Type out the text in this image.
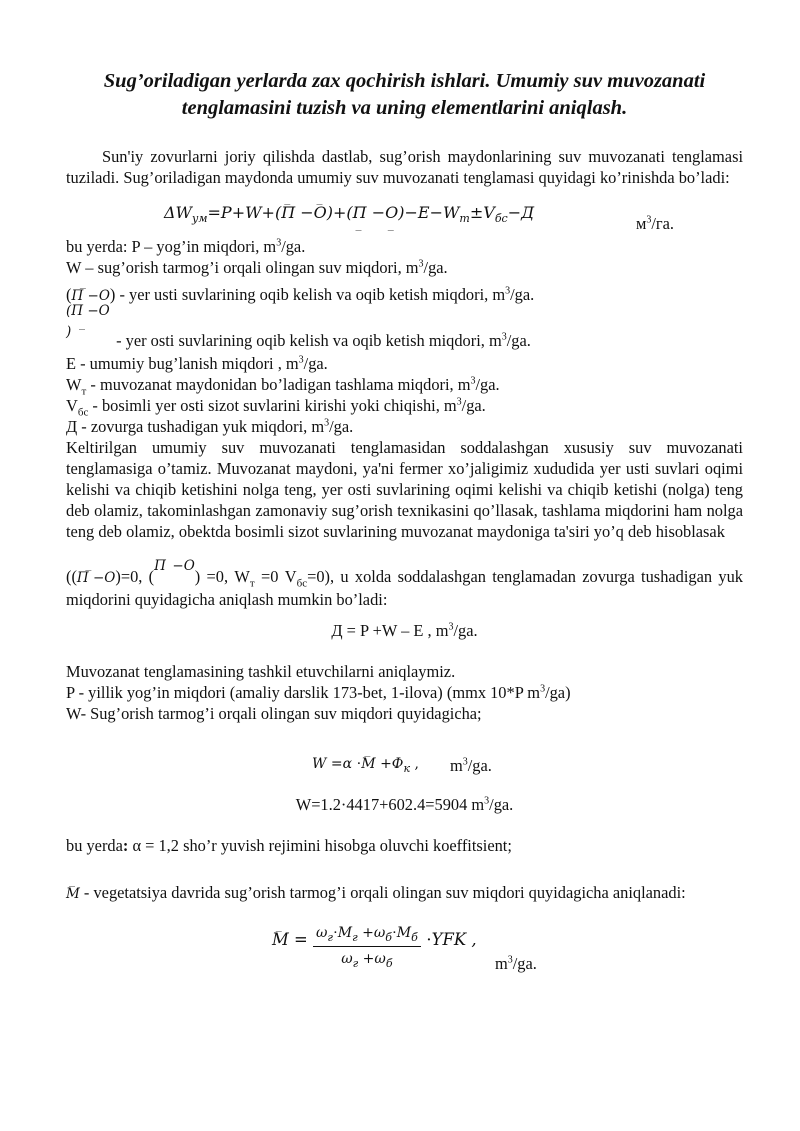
Sug’oriladigan yerlarda zax qochirish ishlari. Umumiy suv muvozanati tenglamasini tuzish va uning elementlarini aniqlash.

Sun'iy zovurlarni joriy qilishda dastlab, sug’orish maydonlarining suv muvozanati tenglamasi tuziladi. Sug’oriladigan maydonda umumiy suv muvozanati tenglamasi quyidagi ko’rinishda bo’ladi:

$\Delta W_{ум}=P+W+(\_$ П −_ O)+(П _ −O $\_)-E-W_т\pm V_{бс}-Д$
$м^3/га$.

bu yerda: P – yog’in miqdori, $m^3/ga$.

W – sug’orish tarmog’i orqali olingan suv miqdori, $m^3/ga$.

(_ П −O) - yer usti suvlarining oqib kelish va oqib ketish miqdori, $m^3/ga$.

(П −O _) - yer osti suvlarining oqib kelish va oqib ketish miqdori, $m^3/ga$.

E - umumiy bug’lanish miqdori , $m^3/ga$.

$W_т$ - muvozanat maydonidan bo’ladigan tashlama miqdori, $m^3/ga$.

$V_{бс}$ - bosimli yer osti sizot suvlarini kirishi yoki chiqishi, $m^3/ga$.

Д - zovurga tushadigan yuk miqdori, $m^3/ga$.

Keltirilgan umumiy suv muvozanati tenglamasidan soddalashgan xususiy suv muvozanati tenglamasiga o’tamiz. Muvozanat maydoni, ya'ni fermer xo’jaligimiz xududida yer usti suvlari oqimi kelishi va chiqib ketishini nolga teng, yer osti suvlarining oqimi kelishi va chiqib ketishi (nolga) teng deb olamiz, takominlashgan zamonaviy sug’orish texnikasini qo’llasak, tashlama miqdorini ham nolga teng deb olamiz, obektda bosimli sizot suvlarining muvozanat maydoniga ta'siri yo’q deb hisoblasak

((_ П −O)=0, ($^{П -O}$) =0, $W_т =0$ $V_{бс}=0$), u xolda soddalashgan tenglamadan zovurga tushadigan yuk miqdorini quyidagicha aniqlash mumkin bo’ladi:

Д = P +W – E , $m^3/ga$.

Muvozanat tenglamasining tashkil etuvchilarni aniqlaymiz.

P - yillik yog’in miqdori (amaliy darslik 173-bet, 1-ilova) (mmx 10*P $m^3/ga$)

W- Sug’orish tarmog’i orqali olingan suv miqdori quyidagicha;

W =α ⋅_ $M +Ф_к$ , $m^3/ga$.

W=1.2·4417+602.4=5904 $m^3/ga$.

bu yerda: α = 1,2 sho’r yuvish rejimini hisobga oluvchi koeffitsient;

_ M - vegetatsiya davrida sug’orish tarmog’i orqali olingan suv miqdori quyidagicha aniqlanadi:

_ $M = \frac{\omega_г\cdot M_г +\omega_б\cdot M_б}{\omega_г +\omega_б} \cdot YFK$ ,
$m^3/ga$.
